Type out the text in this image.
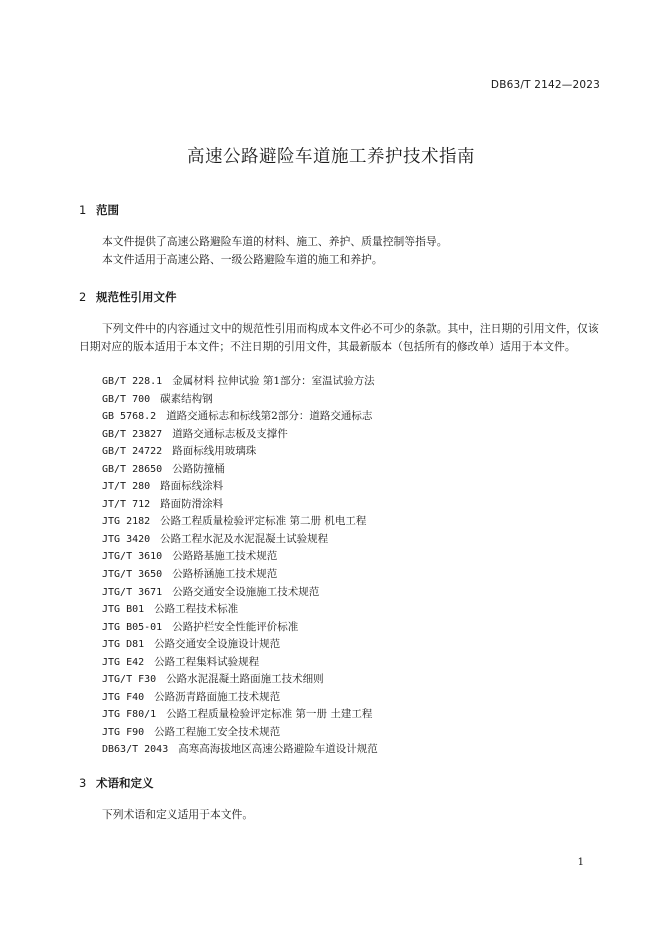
DB63/T 2142—2023
高速公路避险车道施工养护技术指南
1 范围
本文件提供了高速公路避险车道的材料、施工、养护、质量控制等指导。
本文件适用于高速公路、一级公路避险车道的施工和养护。
2 规范性引用文件
下列文件中的内容通过文中的规范性引用而构成本文件必不可少的条款。其中，注日期的引用文件，仅该日期对应的版本适用于本文件；不注日期的引用文件，其最新版本（包括所有的修改单）适用于本文件。
GB/T 228.1 金属材料 拉伸试验 第1部分：室温试验方法
GB/T 700 碳素结构钢
GB 5768.2 道路交通标志和标线第2部分：道路交通标志
GB/T 23827 道路交通标志板及支撑件
GB/T 24722 路面标线用玻璃珠
GB/T 28650 公路防撞桶
JT/T 280 路面标线涂料
JT/T 712 路面防滑涂料
JTG 2182 公路工程质量检验评定标准 第二册 机电工程
JTG 3420 公路工程水泥及水泥混凝土试验规程
JTG/T 3610 公路路基施工技术规范
JTG/T 3650 公路桥涵施工技术规范
JTG/T 3671 公路交通安全设施施工技术规范
JTG B01 公路工程技术标准
JTG B05-01 公路护栏安全性能评价标准
JTG D81 公路交通安全设施设计规范
JTG E42 公路工程集料试验规程
JTG/T F30 公路水泥混凝土路面施工技术细则
JTG F40 公路沥青路面施工技术规范
JTG F80/1 公路工程质量检验评定标准 第一册 土建工程
JTG F90 公路工程施工安全技术规范
DB63/T 2043 高寒高海拔地区高速公路避险车道设计规范
3 术语和定义
下列术语和定义适用于本文件。
1
